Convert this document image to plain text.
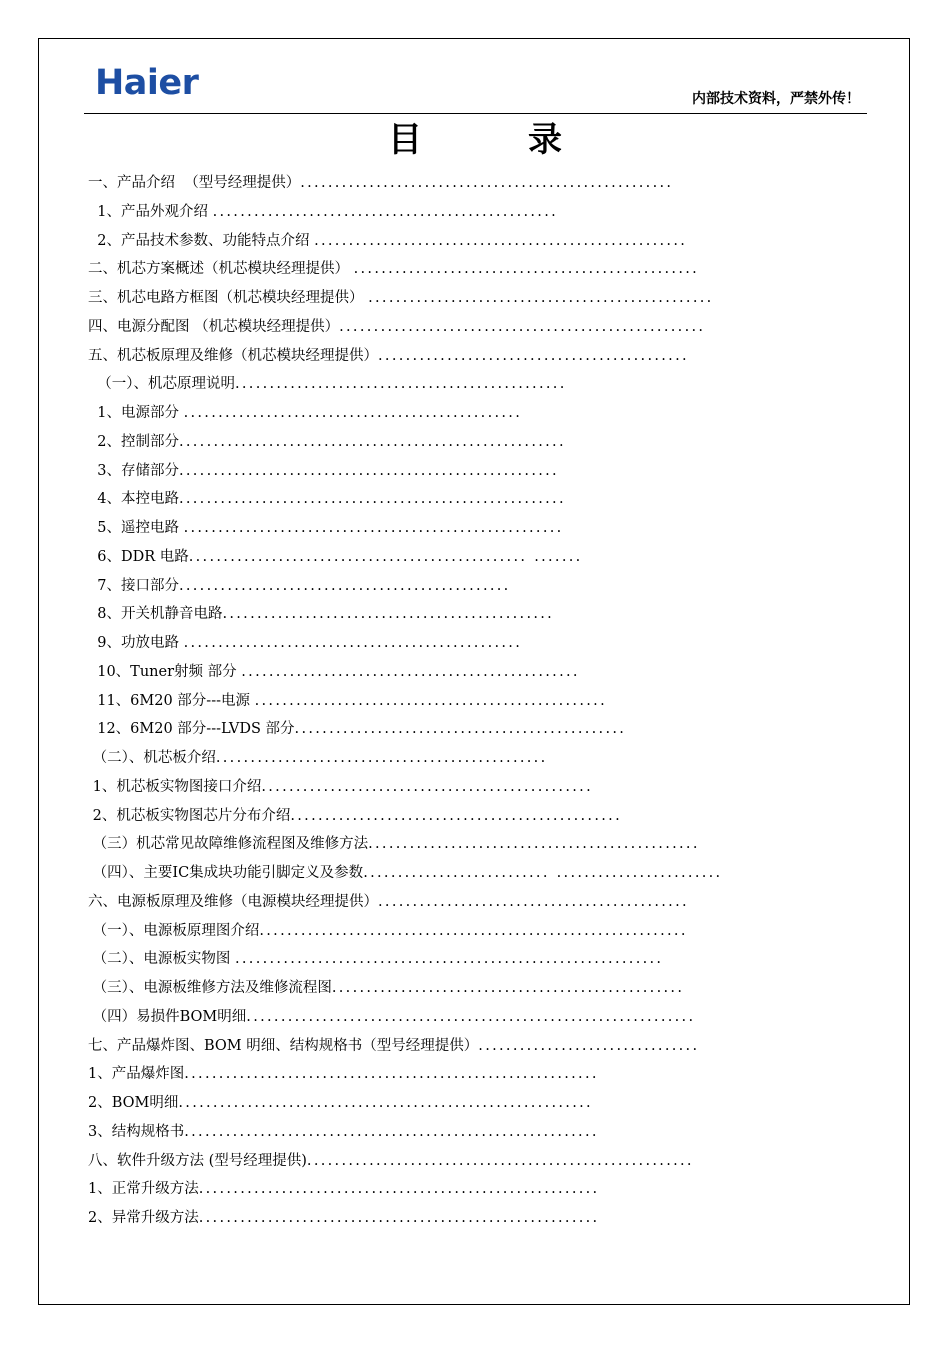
Haier	内部技术资料，严禁外传！
目	录
一、产品介绍  （型号经理提供）......................................................
1、产品外观介绍 ..................................................
2、产品技术参数、功能特点介绍 ......................................................
二、机芯方案概述（机芯模块经理提供） ..................................................
三、机芯电路方框图（机芯模块经理提供） ..................................................
四、电源分配图 （机芯模块经理提供）.....................................................
五、机芯板原理及维修（机芯模块经理提供）.............................................
（一）、机芯原理说明................................................
1、电源部分 .................................................
2、控制部分........................................................
3、存储部分.......................................................
4、本控电路........................................................
5、遥控电路 .......................................................
6、DDR 电路................................................. .......
7、接口部分................................................
8、开关机静音电路................................................
9、功放电路 .................................................
10、Tuner射频 部分 .................................................
11、6M20 部分---电源 ...................................................
12、6M20 部分---LVDS 部分................................................
（二）、机芯板介绍................................................
1、机芯板实物图接口介绍................................................
2、机芯板实物图芯片分布介绍................................................
（三）机芯常见故障维修流程图及维修方法................................................
（四）、主要IC集成块功能引脚定义及参数........................... ........................
六、电源板原理及维修（电源模块经理提供）.............................................
（一）、电源板原理图介绍..............................................................
（二）、电源板实物图 ..............................................................
（三）、电源板维修方法及维修流程图...................................................
（四）易损件BOM明细.................................................................
七、产品爆炸图、BOM 明细、结构规格书（型号经理提供）................................
1、产品爆炸图............................................................
2、BOM明细............................................................
3、结构规格书............................................................
八、软件升级方法 (型号经理提供)........................................................
1、正常升级方法..........................................................
2、异常升级方法..........................................................
